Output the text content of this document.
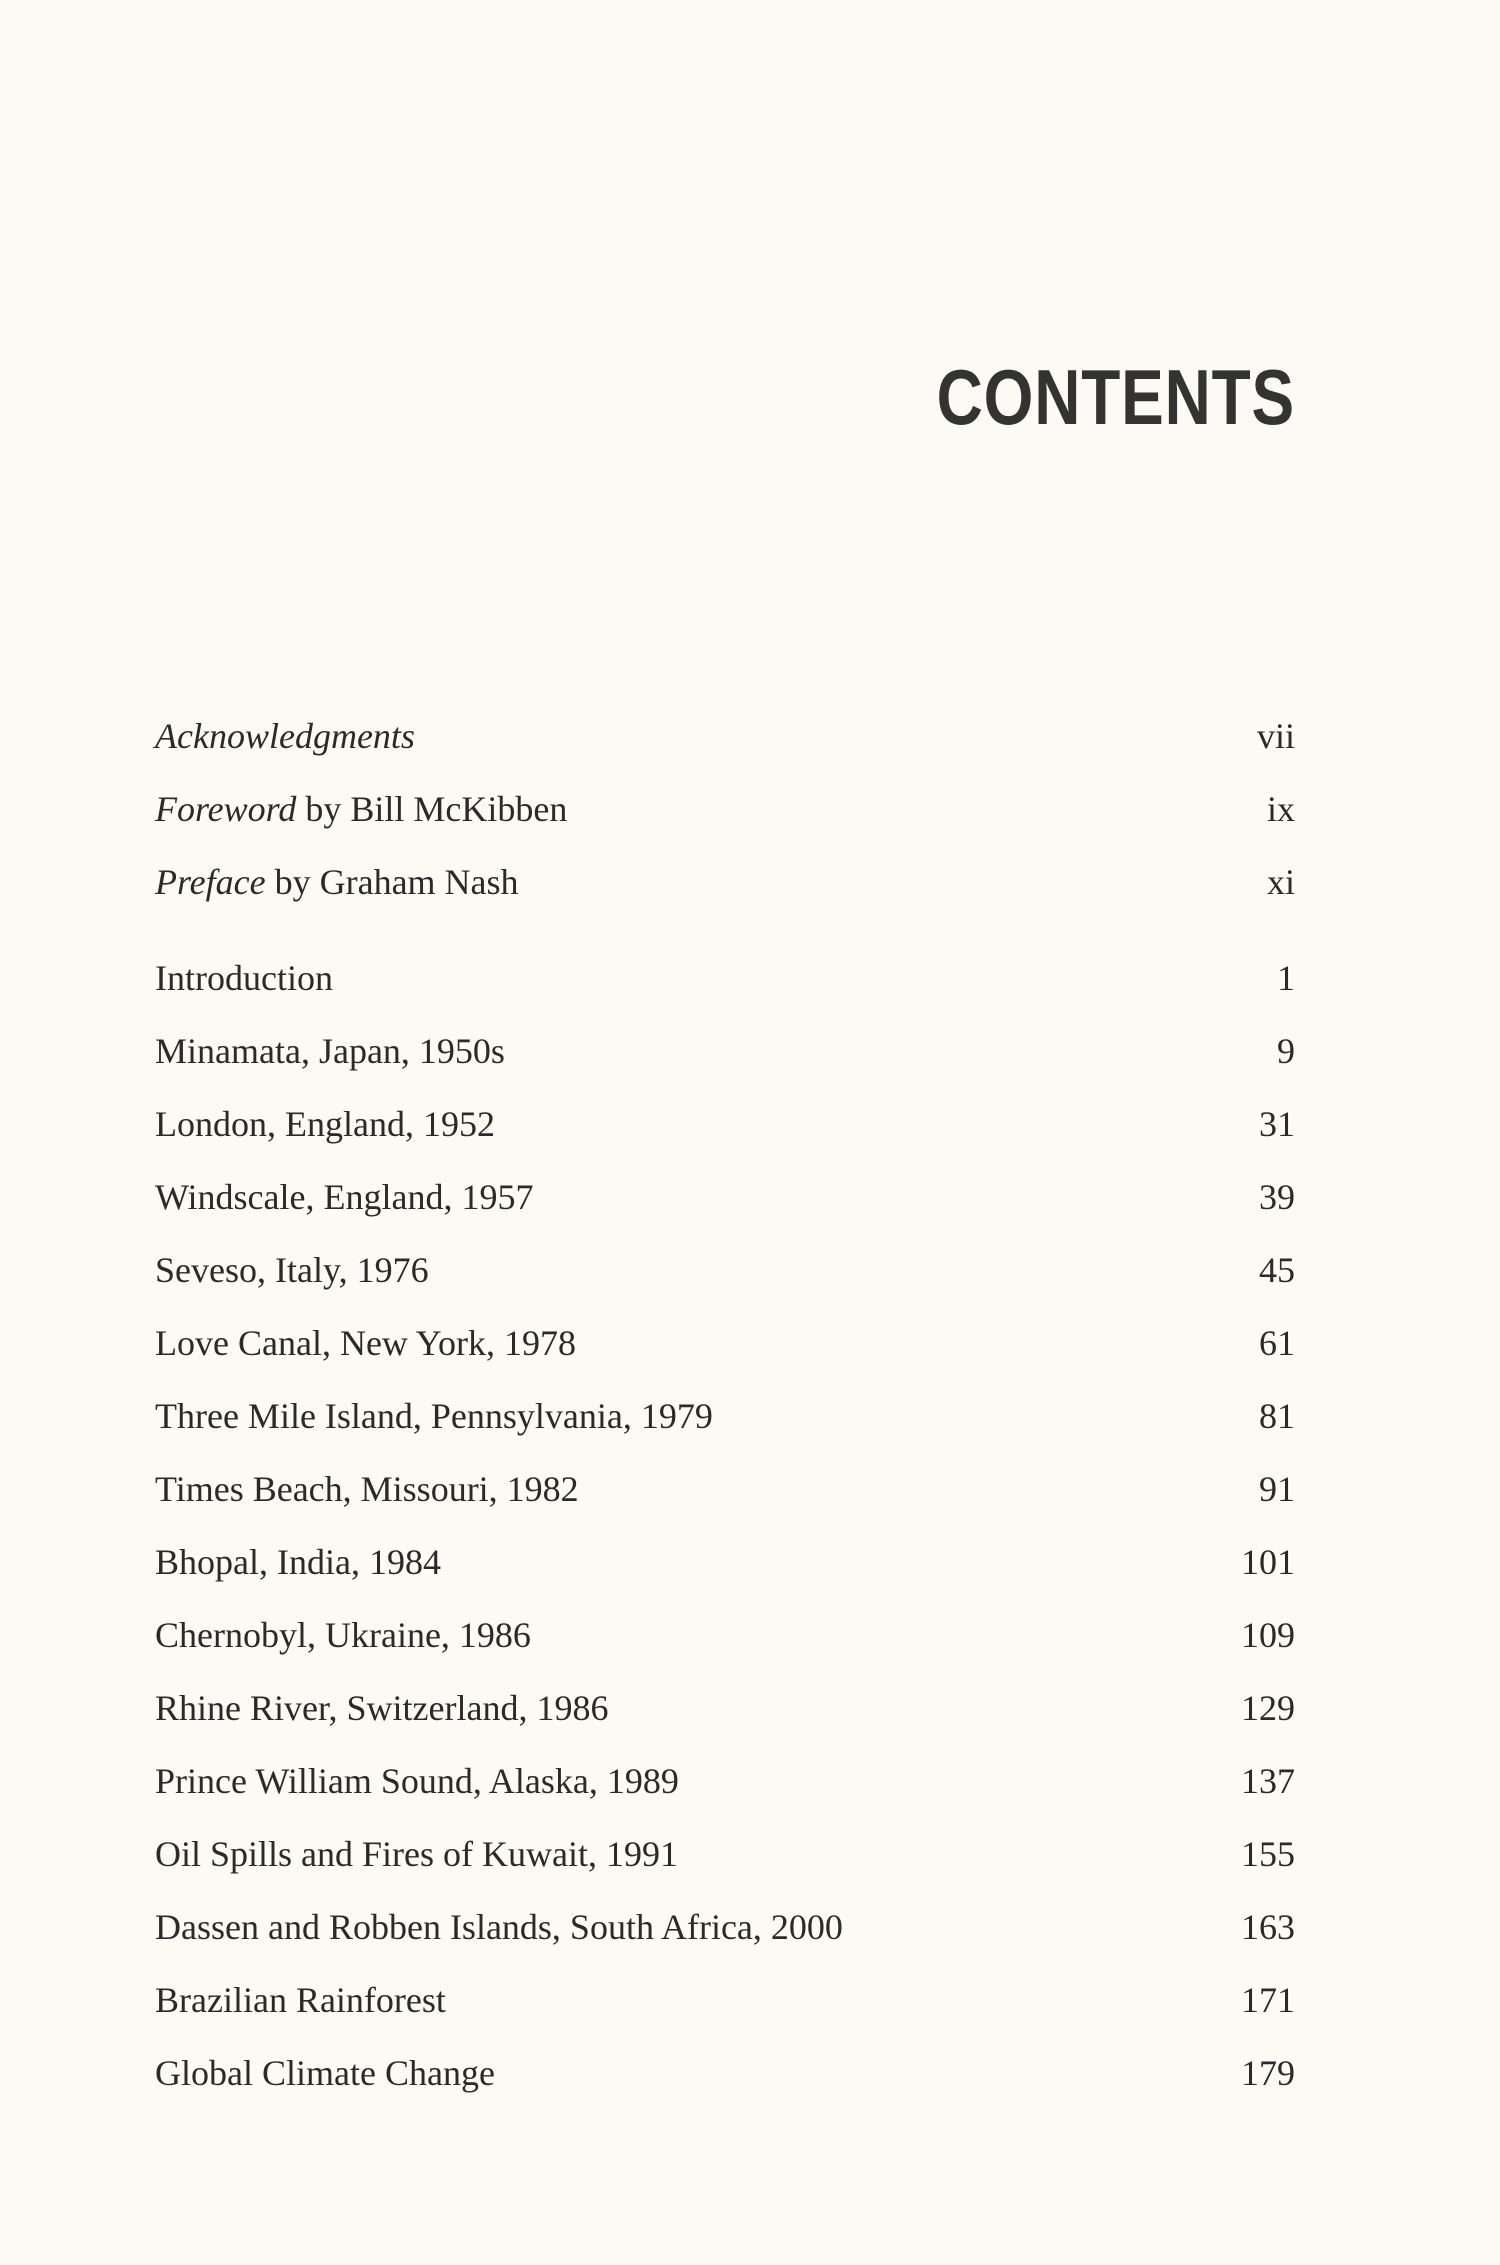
CONTENTS
Acknowledgments	vii
Foreword by Bill McKibben	ix
Preface by Graham Nash	xi
Introduction	1
Minamata, Japan, 1950s	9
London, England, 1952	31
Windscale, England, 1957	39
Seveso, Italy, 1976	45
Love Canal, New York, 1978	61
Three Mile Island, Pennsylvania, 1979	81
Times Beach, Missouri, 1982	91
Bhopal, India, 1984	101
Chernobyl, Ukraine, 1986	109
Rhine River, Switzerland, 1986	129
Prince William Sound, Alaska, 1989	137
Oil Spills and Fires of Kuwait, 1991	155
Dassen and Robben Islands, South Africa, 2000	163
Brazilian Rainforest	171
Global Climate Change	179
